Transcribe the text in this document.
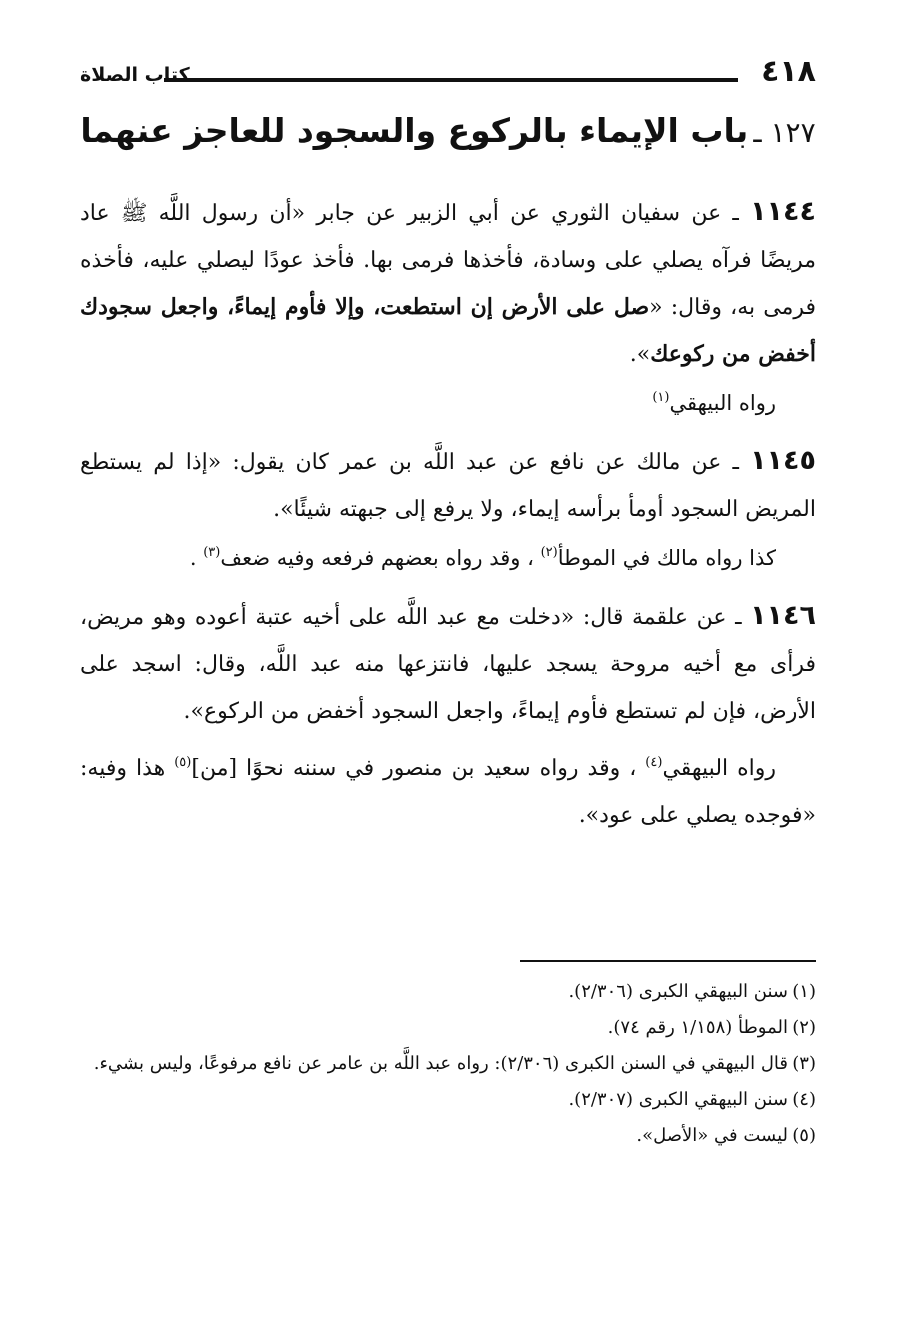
٤١٨
كتاب الصلاة
١٢٧ ـ باب الإيماء بالركوع والسجود للعاجز عنهما

١١٤٤ ـ عن سفيان الثوري عن أبي الزبير عن جابر «أن رسول اللَّه ﷺ عاد مريضًا فرآه يصلي على وسادة، فأخذها فرمى بها. فأخذ عودًا ليصلي عليه، فأخذه فرمى به، وقال: «صل على الأرض إن استطعت، وإلا فأوم إيماءً، واجعل سجودك أخفض من ركوعك».

رواه البيهقي$^{(١)}$

١١٤٥ ـ عن مالك عن نافع عن عبد اللَّه بن عمر كان يقول: «إذا لم يستطع المريض السجود أومأ برأسه إيماء، ولا يرفع إلى جبهته شيئًا».

كذا رواه مالك في الموطأ$^{(٢)}$ ، وقد رواه بعضهم فرفعه وفيه ضعف$^{(٣)}$ .

١١٤٦ ـ عن علقمة قال: «دخلت مع عبد اللَّه على أخيه عتبة أعوده وهو مريض، فرأى مع أخيه مروحة يسجد عليها، فانتزعها منه عبد اللَّه، وقال: اسجد على الأرض، فإن لم تستطع فأوم إيماءً، واجعل السجود أخفض من الركوع».

رواه البيهقي$^{(٤)}$ ، وقد رواه سعيد بن منصور في سننه نحوًا [من]$^{(٥)}$ هذا وفيه: «فوجده يصلي على عود».

(١)سنن البيهقي الكبرى (٢/٣٠٦).

(٢)الموطأ (١/١٥٨ رقم ٧٤).

(٣)قال البيهقي في السنن الكبرى (٢/٣٠٦): رواه عبد اللَّه بن عامر عن نافع مرفوعًا، وليس بشيء.

(٤)سنن البيهقي الكبرى (٢/٣٠٧).

(٥)ليست في «الأصل».
